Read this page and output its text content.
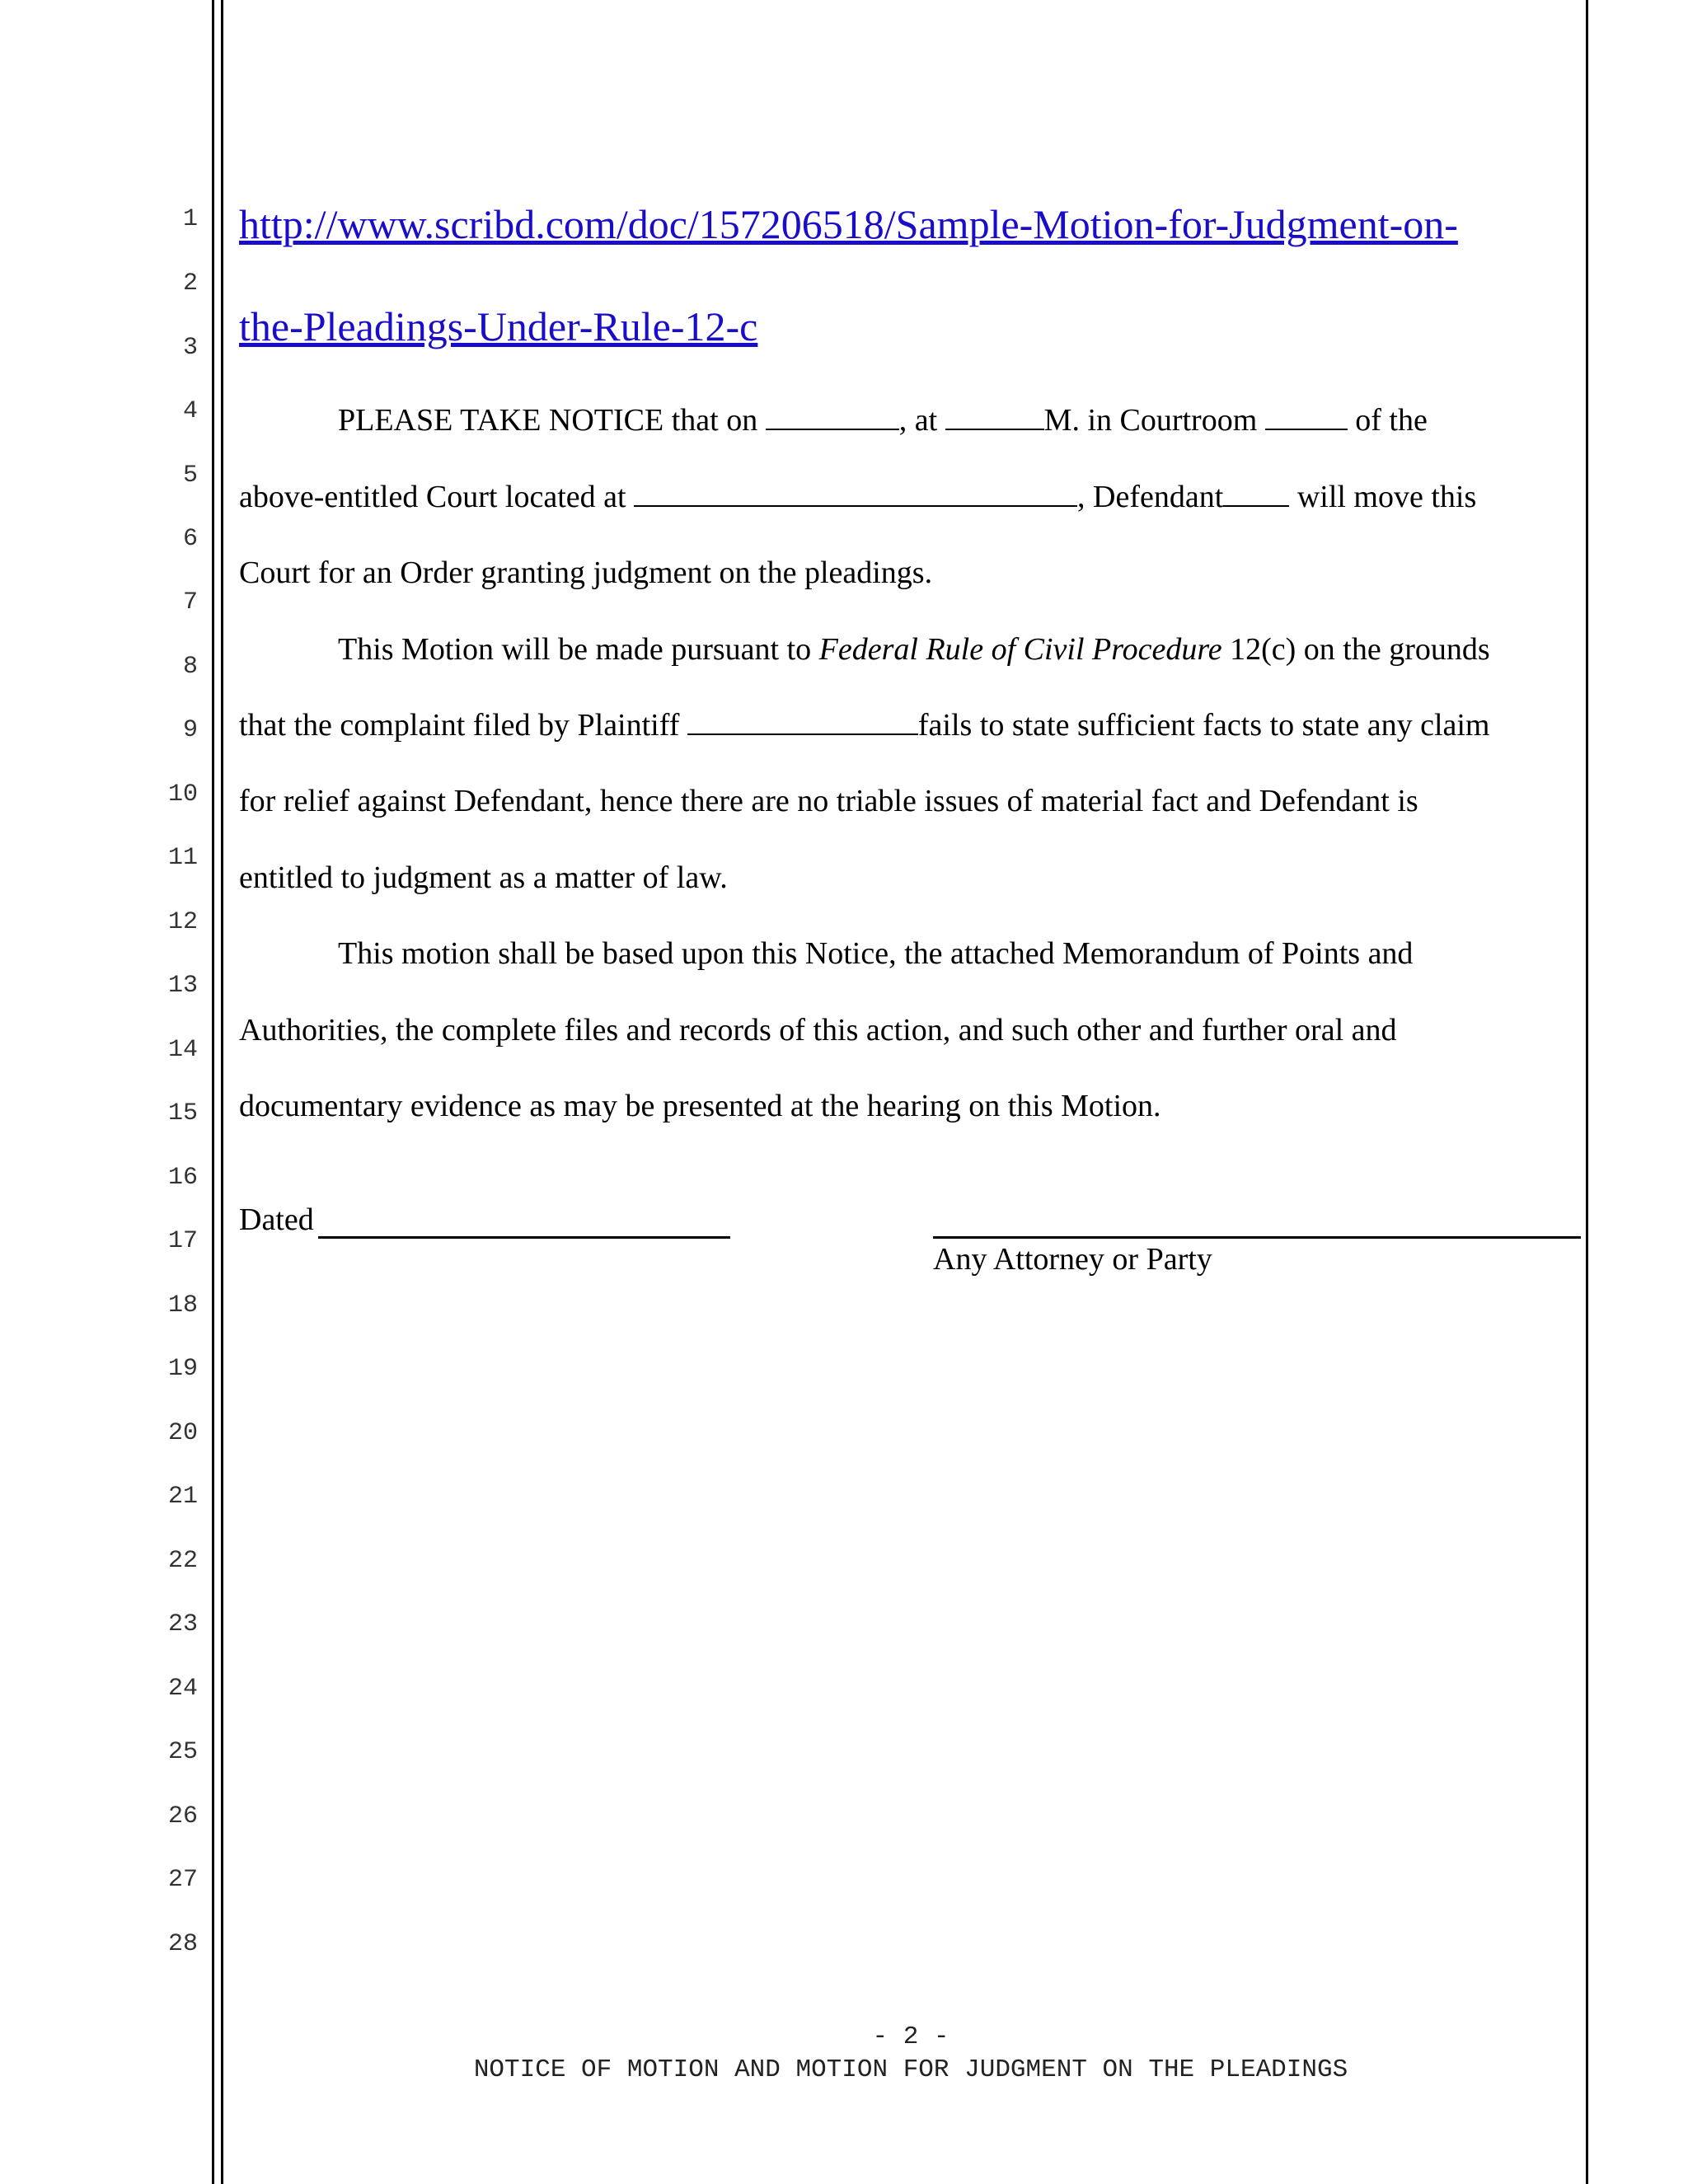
1
2
3
4
5
6
7
8
9
10
11
12
13
14
15
16
17
18
19
20
21
22
23
24
25
26
27
28
http://www.scribd.com/doc/157206518/Sample-Motion-for-Judgment-on-
the-Pleadings-Under-Rule-12-c
PLEASE TAKE NOTICE that on	, at	M. in Courtroom	of the
above-entitled Court located at	, Defendant will move this
Court for an Order granting judgment on the pleadings.
This Motion will be made pursuant to Federal Rule of Civil Procedure 12(c) on the grounds
that the complaint filed by Plaintiff	fails to state sufficient facts to state any claim
for relief against Defendant, hence there are no triable issues of material fact and Defendant is
entitled to judgment as a matter of law.
This motion shall be based upon this Notice, the attached Memorandum of Points and
Authorities, the complete files and records of this action, and such other and further oral and
documentary evidence as may be presented at the hearing on this Motion.
Dated
Any Attorney or Party
- 2 -
NOTICE OF MOTION AND MOTION FOR JUDGMENT ON THE PLEADINGS
